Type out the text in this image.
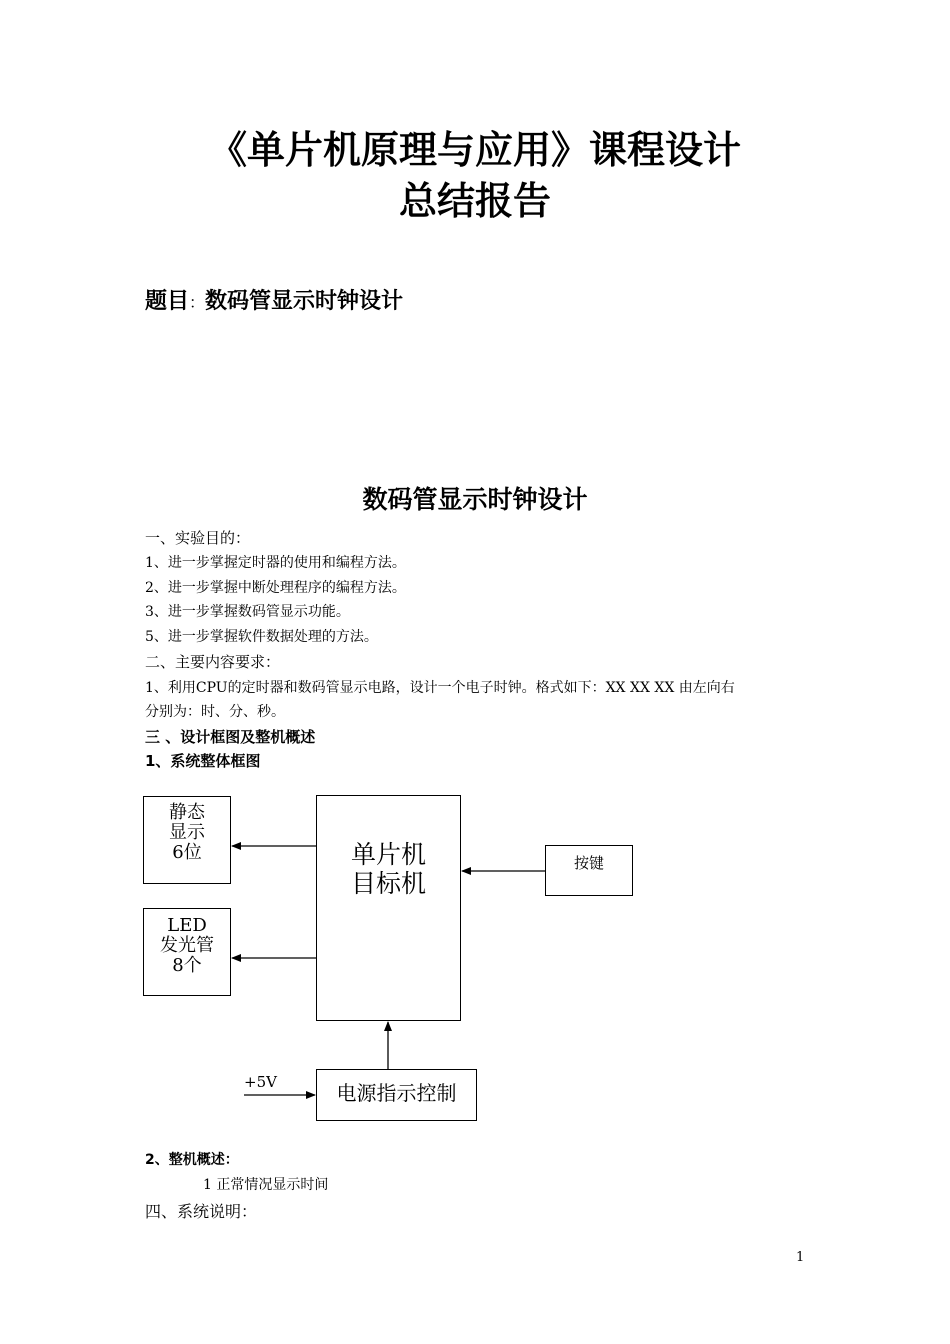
《单片机原理与应用》课程设计
总结报告
题目：数码管显示时钟设计
数码管显示时钟设计
一、实验目的：
1、进一步掌握定时器的使用和编程方法。
2、进一步掌握中断处理程序的编程方法。
3、进一步掌握数码管显示功能。
5、进一步掌握软件数据处理的方法。
二、主要内容要求：
1、利用CPU的定时器和数码管显示电路，设计一个电子时钟。格式如下：XX XX XX 由左向右
分别为：时、分、秒。
三 、设计框图及整机概述
1、系统整体框图
静态
显示
6位
LED
发光管
8个
单片机
目标机
按键
电源指示控制
+5V
2、整机概述：
1 正常情况显示时间
四、系统说明：
1
